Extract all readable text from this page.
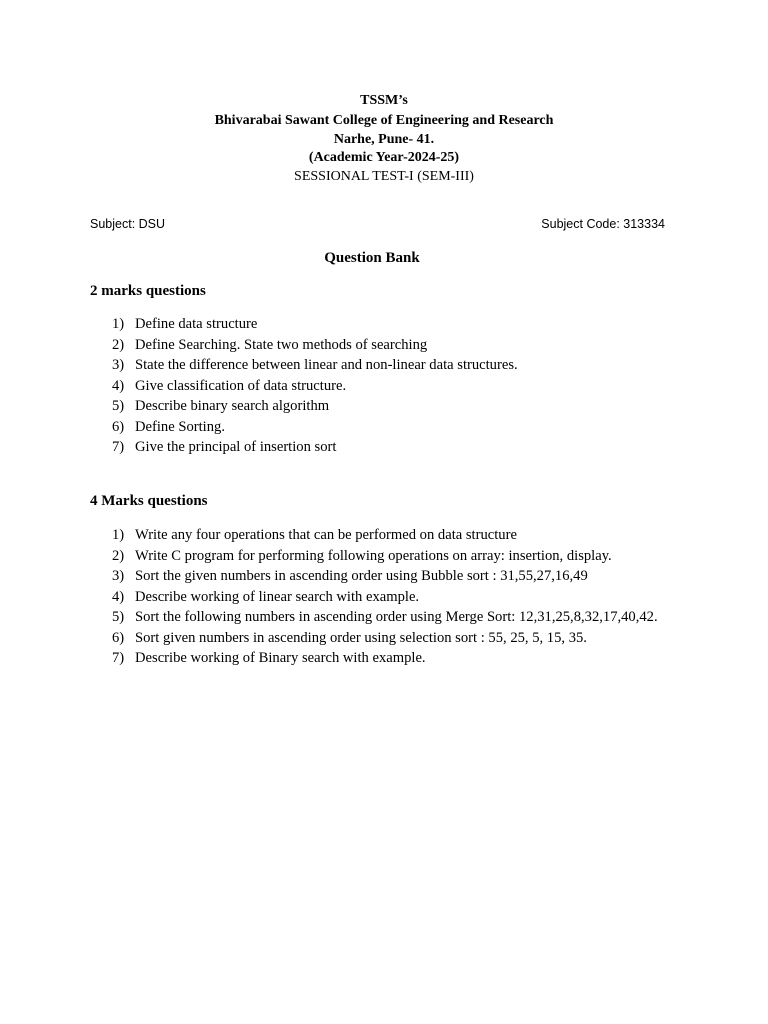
TSSM’s
Bhivarabai Sawant College of Engineering and Research
Narhe, Pune- 41.
(Academic Year-2024-25)
SESSIONAL TEST-I (SEM-III)
Subject: DSU	Subject Code: 313334
Question Bank
2 marks questions
1) Define data structure
2) Define Searching. State two methods of searching
3) State the difference between linear and non-linear data structures.
4) Give classification of data structure.
5) Describe binary search algorithm
6) Define Sorting.
7) Give the principal of insertion sort
4 Marks questions
1) Write any four operations that can be performed on data structure
2) Write C program for performing following operations on array: insertion, display.
3) Sort the given numbers in ascending order using Bubble sort : 31,55,27,16,49
4) Describe working of linear search with example.
5) Sort the following numbers in ascending order using Merge Sort: 12,31,25,8,32,17,40,42.
6) Sort given numbers in ascending order using selection sort : 55, 25, 5, 15, 35.
7) Describe working of Binary search with example.
